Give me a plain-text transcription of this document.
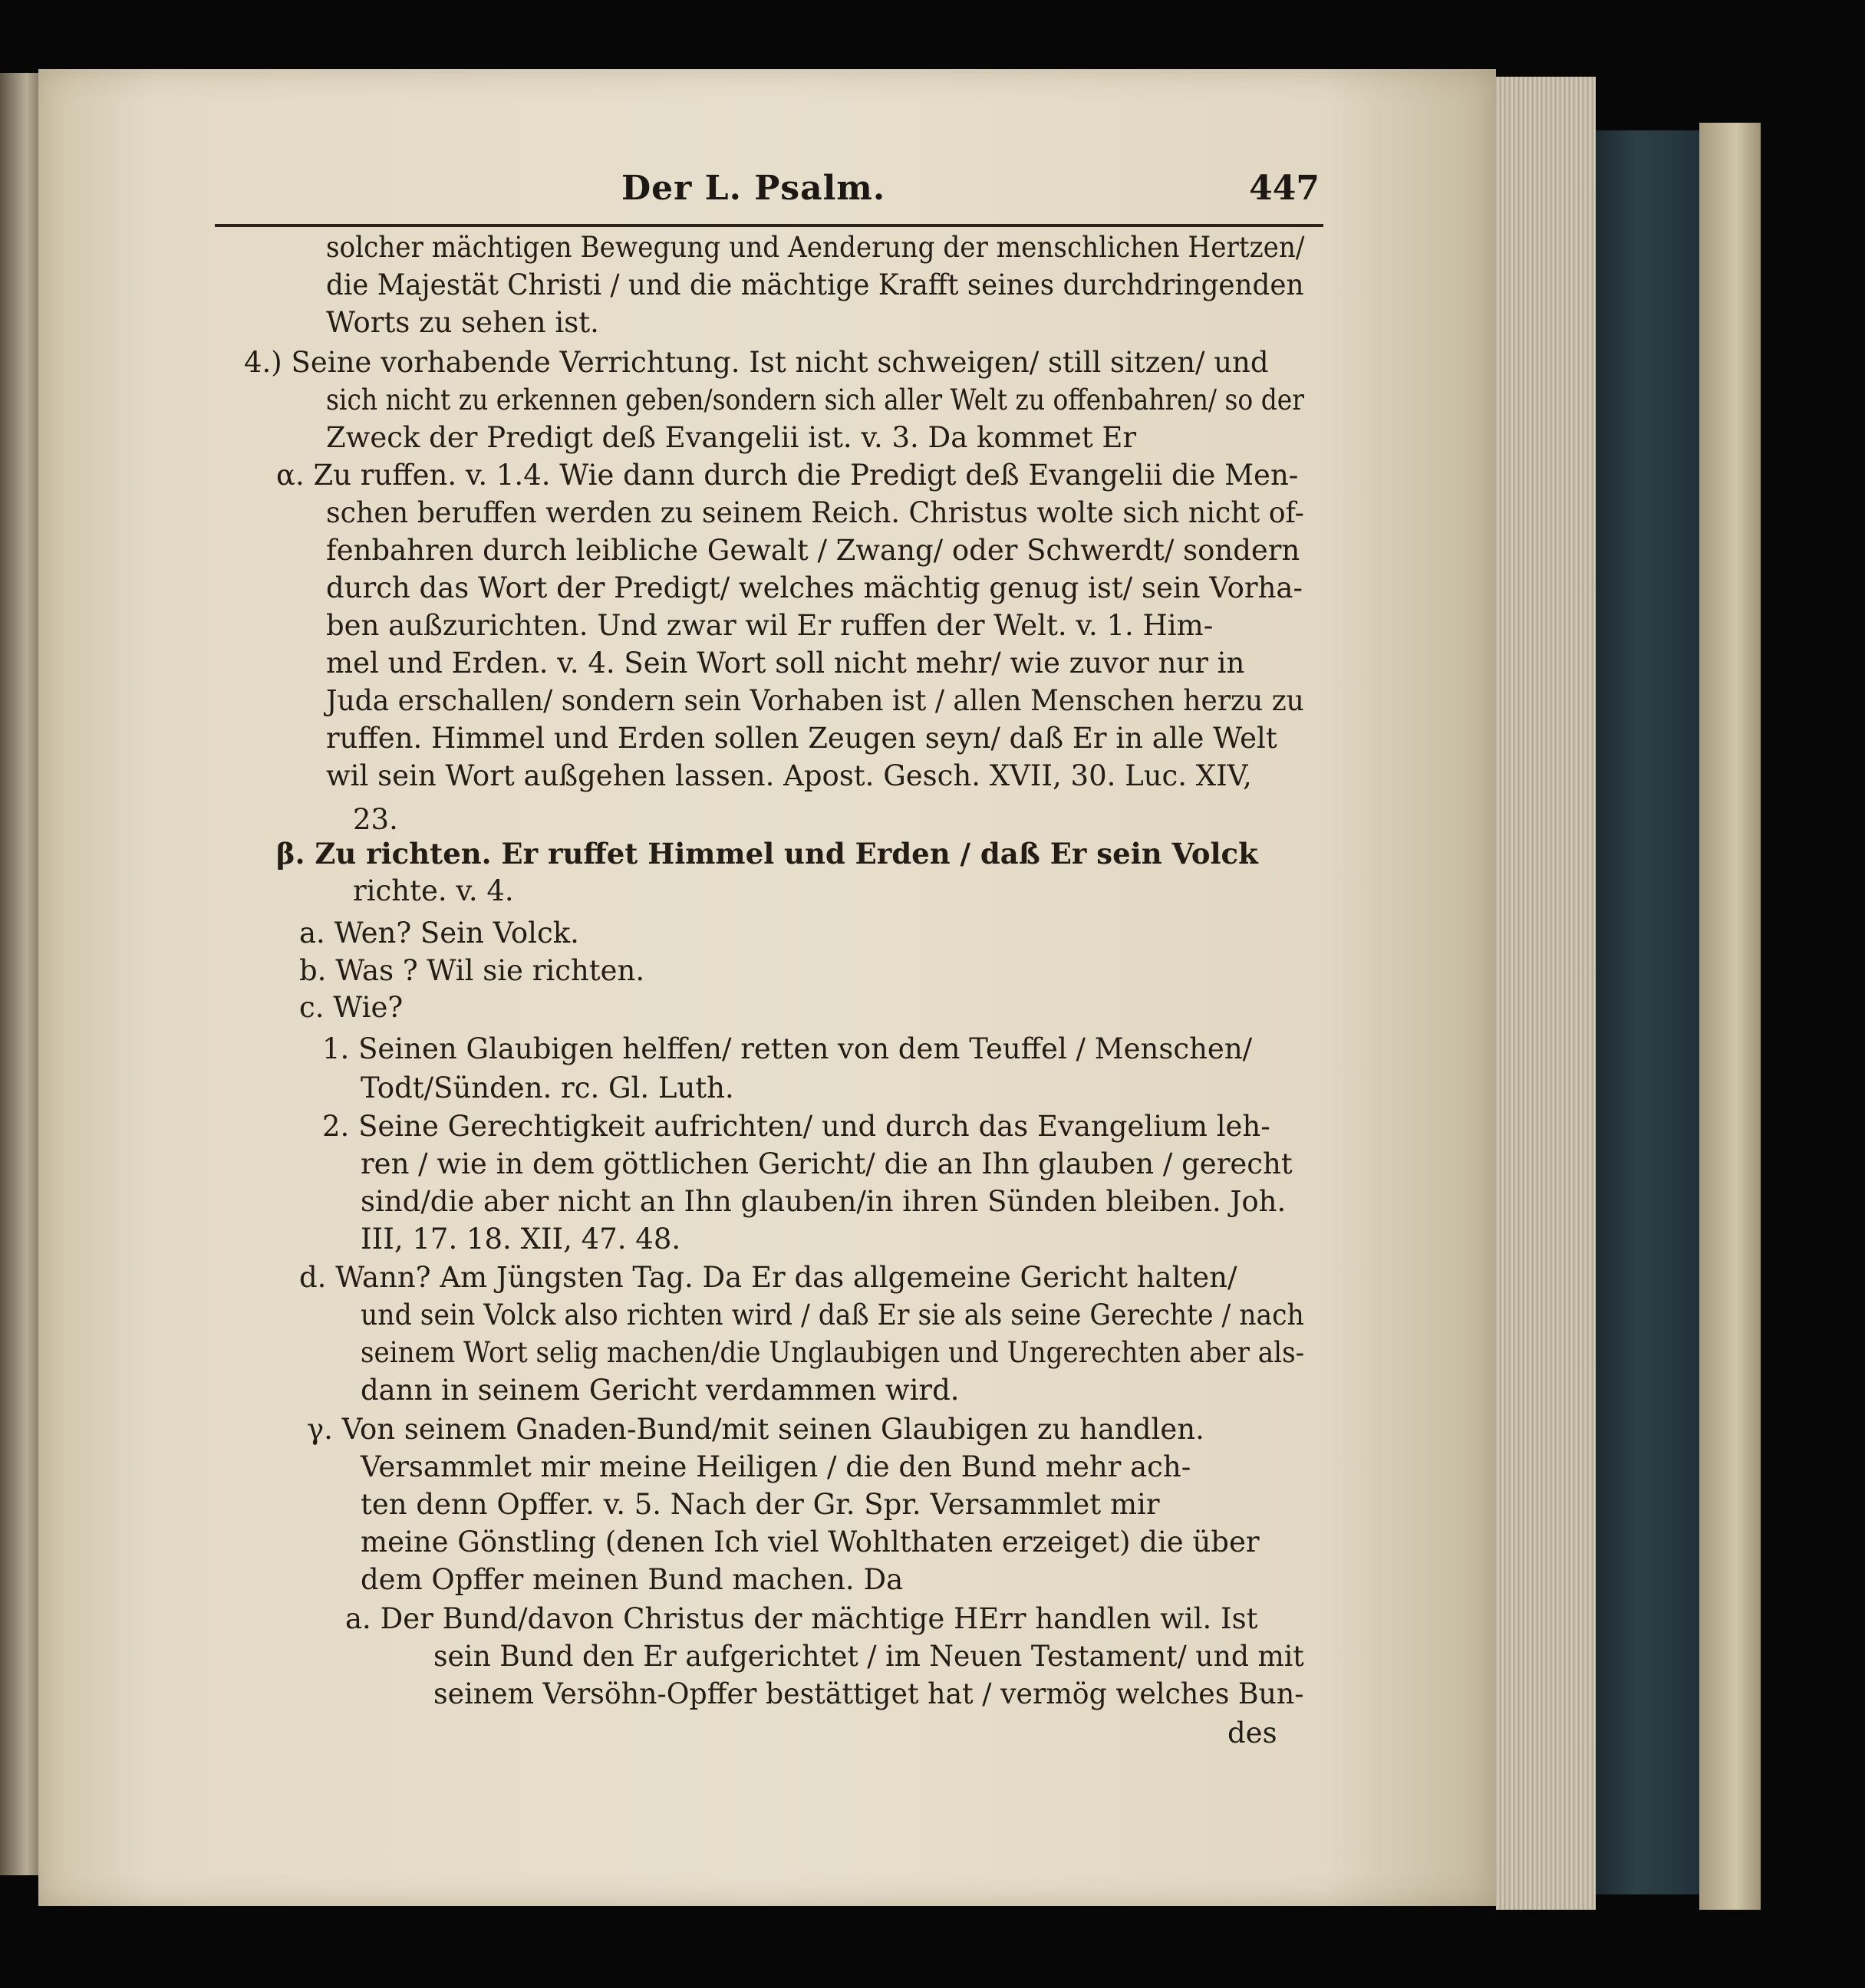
Der L. Psalm.	447
solcher mächtigen Bewegung und Aenderung der menschlichen Hertzen/
die Majestät Christi / und die mächtige Krafft seines durchdringenden
Worts zu sehen ist.
4.) Seine vorhabende Verrichtung. Ist nicht schweigen/ still sitzen/ und
sich nicht zu erkennen geben/sondern sich aller Welt zu offenbahren/ so der
Zweck der Predigt deß Evangelii ist. v. 3. Da kommet Er
α. Zu ruffen. v. 1.4. Wie dann durch die Predigt deß Evangelii die Men-
schen beruffen werden zu seinem Reich. Christus wolte sich nicht of-
fenbahren durch leibliche Gewalt / Zwang/ oder Schwerdt/ sondern
durch das Wort der Predigt/ welches mächtig genug ist/ sein Vorha-
ben außzurichten. Und zwar wil Er ruffen der Welt. v. 1. Him-
mel und Erden. v. 4. Sein Wort soll nicht mehr/ wie zuvor nur in
Juda erschallen/ sondern sein Vorhaben ist / allen Menschen herzu zu
ruffen. Himmel und Erden sollen Zeugen seyn/ daß Er in alle Welt
wil sein Wort außgehen lassen. Apost. Gesch. XVII, 30. Luc. XIV,
23.
β. Zu richten. Er ruffet Himmel und Erden / daß Er sein Volck
richte. v. 4.
a. Wen? Sein Volck.
b. Was ? Wil sie richten.
c. Wie?
1. Seinen Glaubigen helffen/ retten von dem Teuffel / Menschen/
Todt/Sünden. rc. Gl. Luth.
2. Seine Gerechtigkeit aufrichten/ und durch das Evangelium leh-
ren / wie in dem göttlichen Gericht/ die an Ihn glauben / gerecht
sind/die aber nicht an Ihn glauben/in ihren Sünden bleiben. Joh.
III, 17. 18. XII, 47. 48.
d. Wann? Am Jüngsten Tag. Da Er das allgemeine Gericht halten/
und sein Volck also richten wird / daß Er sie als seine Gerechte / nach
seinem Wort selig machen/die Unglaubigen und Ungerechten aber als-
dann in seinem Gericht verdammen wird.
γ. Von seinem Gnaden-Bund/mit seinen Glaubigen zu handlen.
Versammlet mir meine Heiligen / die den Bund mehr ach-
ten denn Opffer. v. 5. Nach der Gr. Spr. Versammlet mir
meine Gönstling (denen Ich viel Wohlthaten erzeiget) die über
dem Opffer meinen Bund machen. Da
a. Der Bund/davon Christus der mächtige HErr handlen wil. Ist
sein Bund den Er aufgerichtet / im Neuen Testament/ und mit
seinem Versöhn-Opffer bestättiget hat / vermög welches Bun-
des
